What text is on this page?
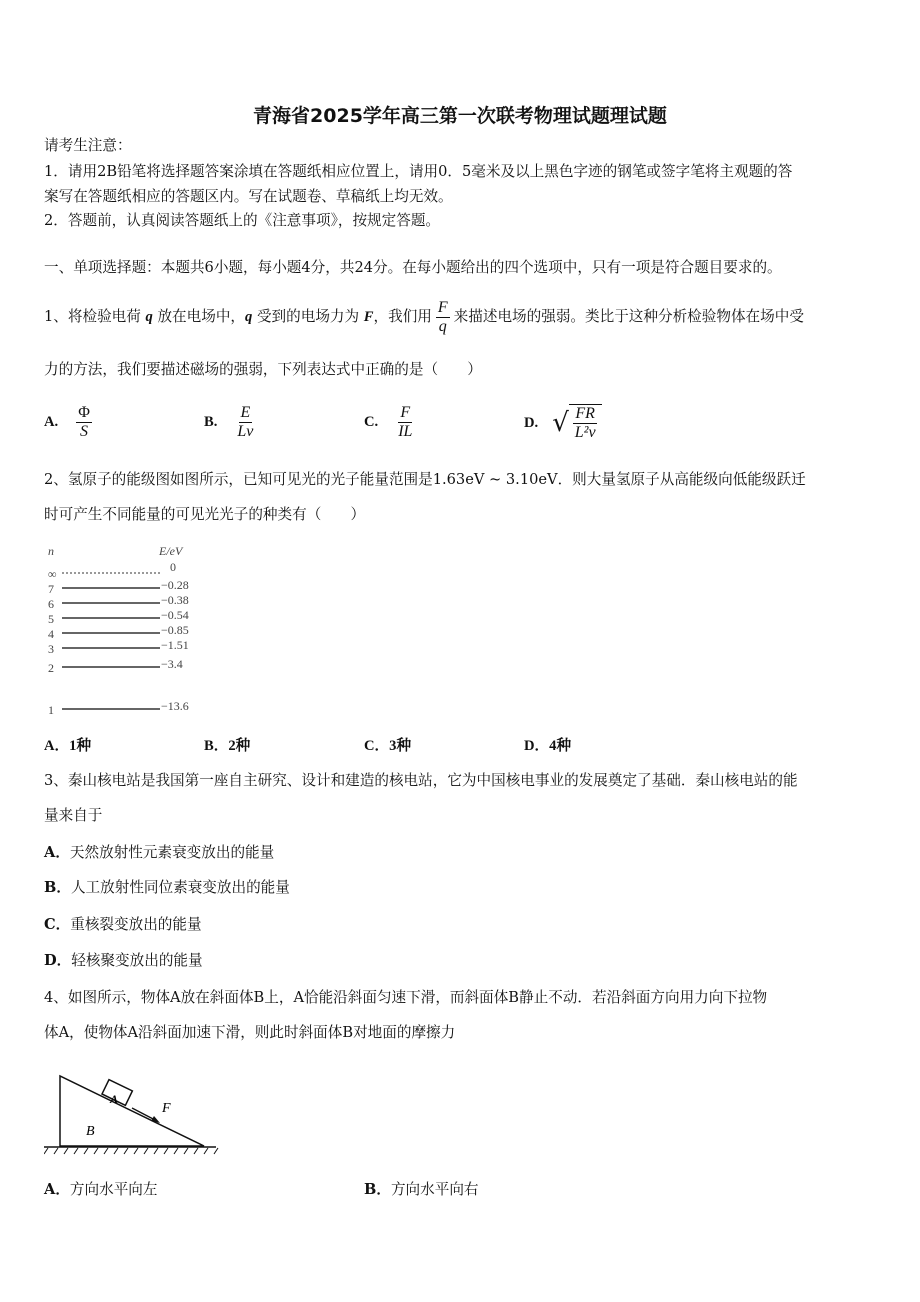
青海省2025学年高三第一次联考物理试题理试题
请考生注意：
1．请用2B铅笔将选择题答案涂填在答题纸相应位置上，请用0．5毫米及以上黑色字迹的钢笔或签字笔将主观题的答
案写在答题纸相应的答题区内。写在试题卷、草稿纸上均无效。
2．答题前，认真阅读答题纸上的《注意事项》，按规定答题。
一、单项选择题：本题共6小题，每小题4分，共24分。在每小题给出的四个选项中，只有一项是符合题目要求的。
1、将检验电荷 q 放在电场中，q 受到的电场力为 F，我们用 $\frac{F}{q}$ 来描述电场的强弱。类比于这种分析检验物体在场中受
力的方法，我们要描述磁场的强弱，下列表达式中正确的是（　　）
A. $\frac{\Phi}{S}$	B. $\frac{E}{Lv}$	C. $\frac{F}{IL}$	D. √ $\frac{FR}{\text{L²v}}$
2、氢原子的能级图如图所示，已知可见光的光子能量范围是1.63eV ~ 3.10eV．则大量氢原子从高能级向低能级跃迁
时可产生不同能量的可见光光子的种类有（　　）
n	E/eV
∞	0
7	−0.28
6	−0.38
5	−0.54
4	−0.85
3	−1.51
2	−3.4
1	−13.6
A．1种	B．2种	C．3种	D．4种
3、秦山核电站是我国第一座自主研究、设计和建造的核电站，它为中国核电事业的发展奠定了基础．秦山核电站的能
量来自于
A．天然放射性元素衰变放出的能量
B．人工放射性同位素衰变放出的能量
C．重核裂变放出的能量
D．轻核聚变放出的能量
4、如图所示，物体A放在斜面体B上，A恰能沿斜面匀速下滑，而斜面体B静止不动．若沿斜面方向用力向下拉物
体A，使物体A沿斜面加速下滑，则此时斜面体B对地面的摩擦力
A
F
B
A．方向水平向左	B．方向水平向右
